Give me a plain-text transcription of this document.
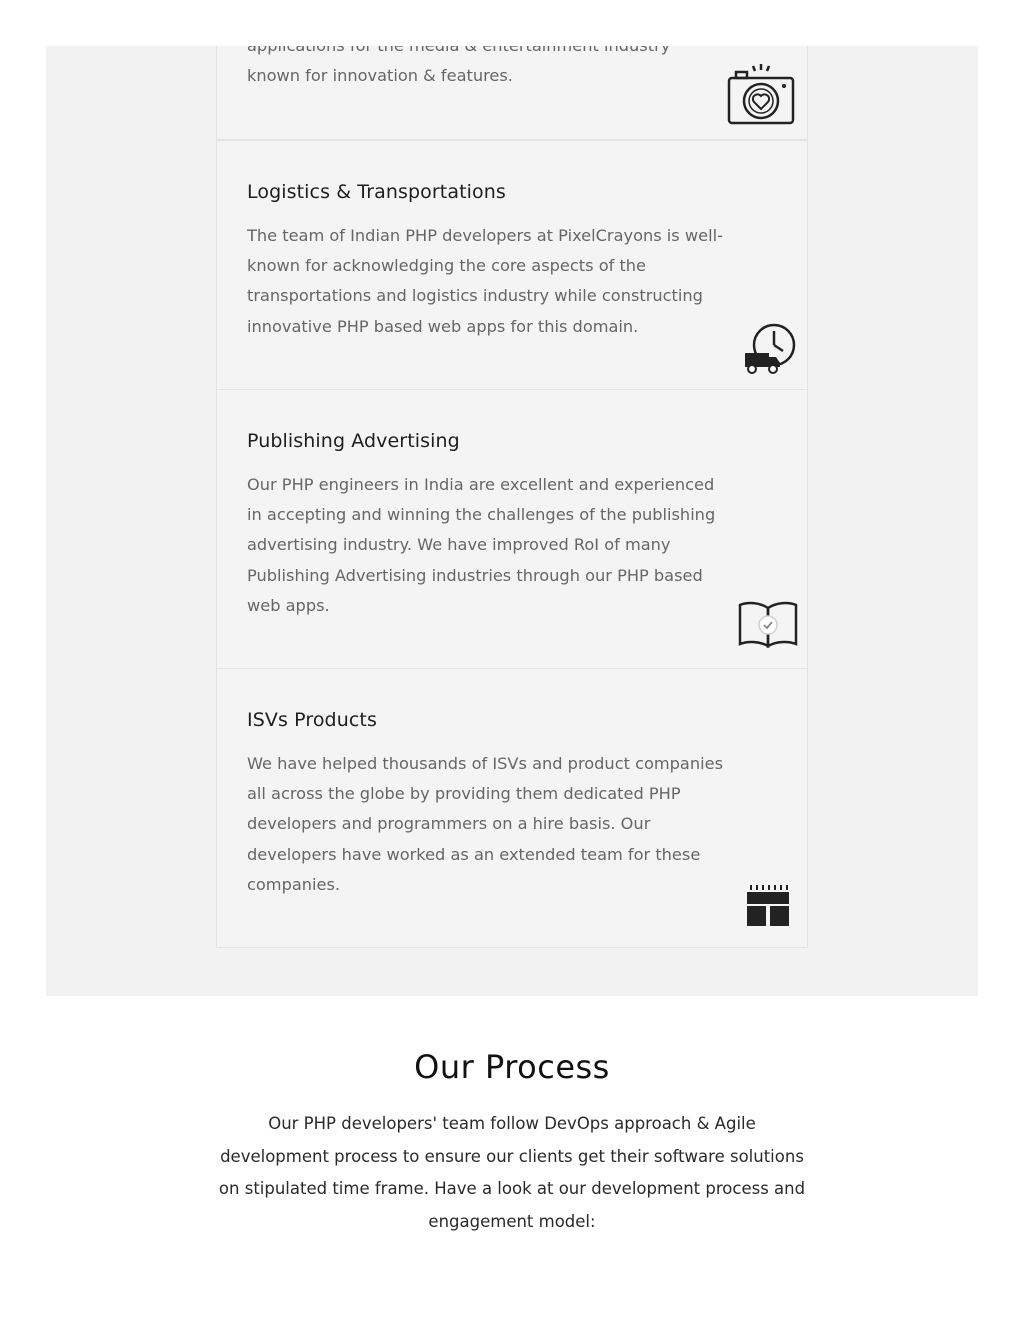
known for innovation & features.

Logistics & Transportations

The team of Indian PHP developers at PixelCrayons is well-known for acknowledging the core aspects of the transportations and logistics industry while constructing innovative PHP based web apps for this domain.

Publishing Advertising

Our PHP engineers in India are excellent and experienced in accepting and winning the challenges of the publishing advertising industry. We have improved RoI of many Publishing Advertising industries through our PHP based web apps.

ISVs Products

We have helped thousands of ISVs and product companies all across the globe by providing them dedicated PHP developers and programmers on a hire basis. Our developers have worked as an extended team for these companies.

Our Process

Our PHP developers' team follow DevOps approach & Agile development process to ensure our clients get their software solutions on stipulated time frame. Have a look at our development process and engagement model:
